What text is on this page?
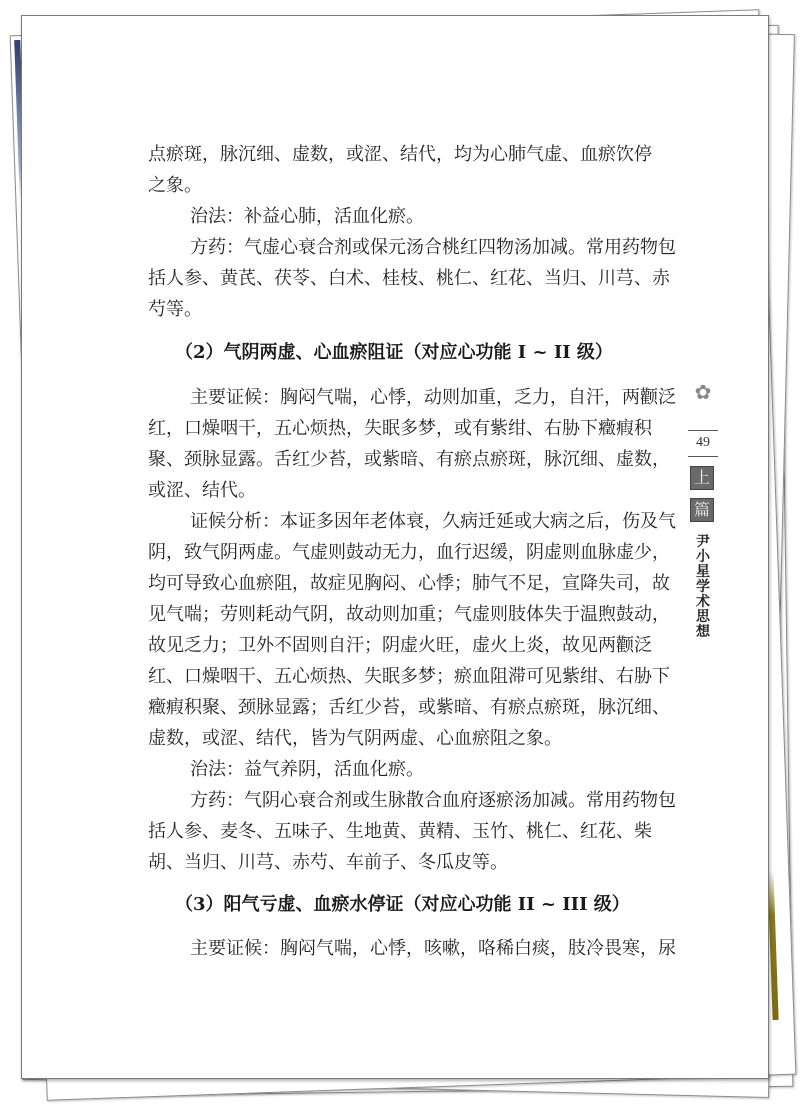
点瘀斑，脉沉细、虚数，或涩、结代，均为心肺气虚、血瘀饮停
之象。
治法：补益心肺，活血化瘀。
方药：气虚心衰合剂或保元汤合桃红四物汤加减。常用药物包
括人参、黄芪、茯苓、白术、桂枝、桃仁、红花、当归、川芎、赤
芍等。
（2）气阴两虚、心血瘀阻证（对应心功能 I ~ II 级）
主要证候：胸闷气喘，心悸，动则加重，乏力，自汗，两颧泛
红，口燥咽干，五心烦热，失眠多梦，或有紫绀、右胁下癥瘕积
聚、颈脉显露。舌红少苔，或紫暗、有瘀点瘀斑，脉沉细、虚数，
或涩、结代。
证候分析：本证多因年老体衰，久病迁延或大病之后，伤及气
阴，致气阴两虚。气虚则鼓动无力，血行迟缓，阴虚则血脉虚少，
均可导致心血瘀阻，故症见胸闷、心悸；肺气不足，宣降失司，故
见气喘；劳则耗动气阴，故动则加重；气虚则肢体失于温煦鼓动，
故见乏力；卫外不固则自汗；阴虚火旺，虚火上炎，故见两颧泛
红、口燥咽干、五心烦热、失眠多梦；瘀血阻滞可见紫绀、右胁下
癥瘕积聚、颈脉显露；舌红少苔，或紫暗、有瘀点瘀斑，脉沉细、
虚数，或涩、结代，皆为气阴两虚、心血瘀阻之象。
治法：益气养阴，活血化瘀。
方药：气阴心衰合剂或生脉散合血府逐瘀汤加减。常用药物包
括人参、麦冬、五味子、生地黄、黄精、玉竹、桃仁、红花、柴
胡、当归、川芎、赤芍、车前子、冬瓜皮等。
（3）阳气亏虚、血瘀水停证（对应心功能 II ~ III 级）
主要证候：胸闷气喘，心悸，咳嗽，咯稀白痰，肢冷畏寒，尿
✿
49
上
篇
尹小星学术思想
